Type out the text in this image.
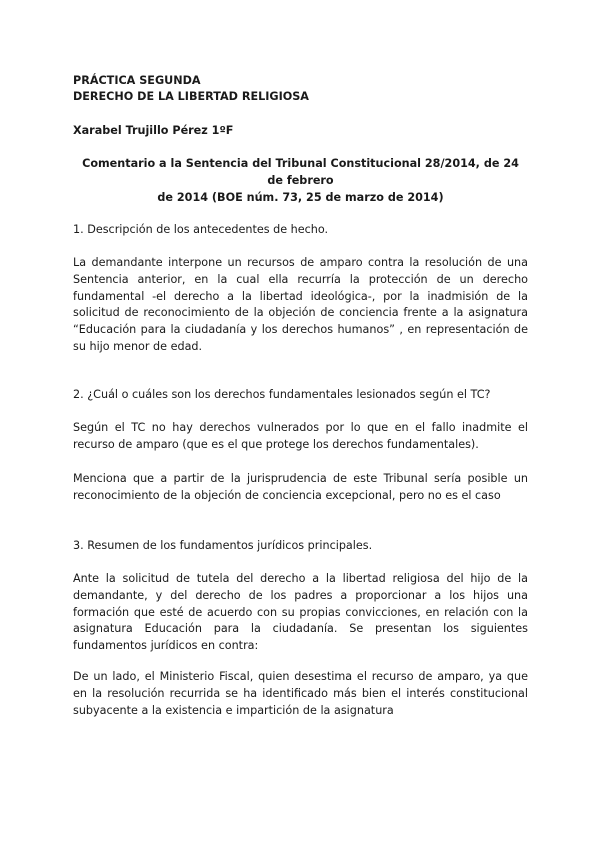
PRÁCTICA SEGUNDA
DERECHO DE LA LIBERTAD RELIGIOSA
Xarabel Trujillo Pérez 1ºF
Comentario a la Sentencia del Tribunal Constitucional 28/2014, de 24 de febrero
de 2014 (BOE núm. 73, 25 de marzo de 2014)
1. Descripción de los antecedentes de hecho.

La demandante interpone un recursos de amparo contra la resolución de una Sentencia anterior, en la cual ella recurría la protección de un derecho fundamental -el derecho a la libertad ideológica-, por la inadmisión de la solicitud de reconocimiento de la objeción de conciencia frente a la asignatura “Educación para la ciudadanía y los derechos humanos” , en representación de su hijo menor de edad.

2. ¿Cuál o cuáles son los derechos fundamentales lesionados según el TC?

Según el TC no hay derechos vulnerados por lo que en el fallo inadmite el recurso de amparo (que es el que protege los derechos fundamentales).

Menciona que a partir de la jurisprudencia de este Tribunal sería posible un reconocimiento de la objeción de conciencia excepcional, pero no es el caso

3. Resumen de los fundamentos jurídicos principales.

Ante la solicitud de tutela del derecho a la libertad religiosa del hijo de la demandante, y del derecho de los padres a proporcionar a los hijos una formación que esté de acuerdo con su propias convicciones, en relación con la asignatura Educación para la ciudadanía. Se presentan los siguientes fundamentos jurídicos en contra:

De un lado, el Ministerio Fiscal, quien desestima el recurso de amparo, ya que en la resolución recurrida se ha identificado más bien el interés constitucional subyacente a la existencia e impartición de la asignatura
